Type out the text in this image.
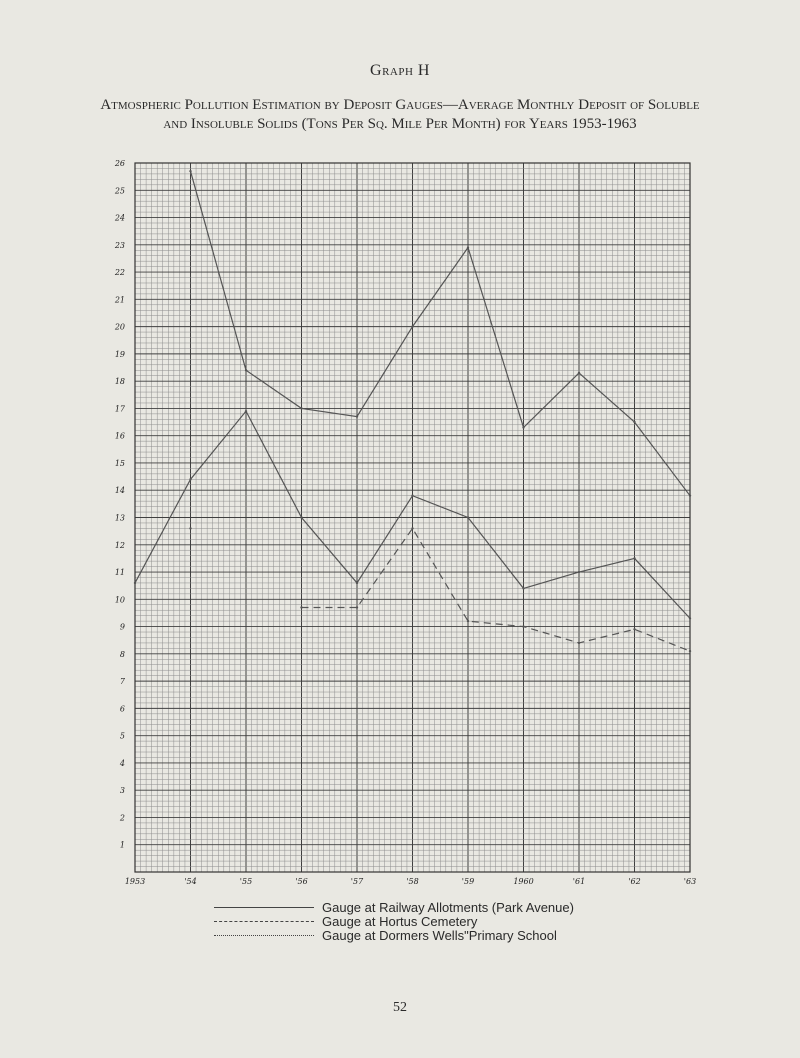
Graph H
Atmospheric Pollution Estimation by Deposit Gauges—Average Monthly Deposit of Soluble
and Insoluble Solids (Tons Per Sq. Mile Per Month) for Years 1953-1963
1
2
3
4
5
6
7
8
9
10
11
12
13
14
15
16
17
18
19
20
21
22
23
24
25
26
1953	'54	'55	'56	'57	'58	'59	1960	'61	'62	'63
Gauge at Railway Allotments (Park Avenue)
Gauge at Hortus Cemetery
Gauge at Dormers Wells"Primary School
52
